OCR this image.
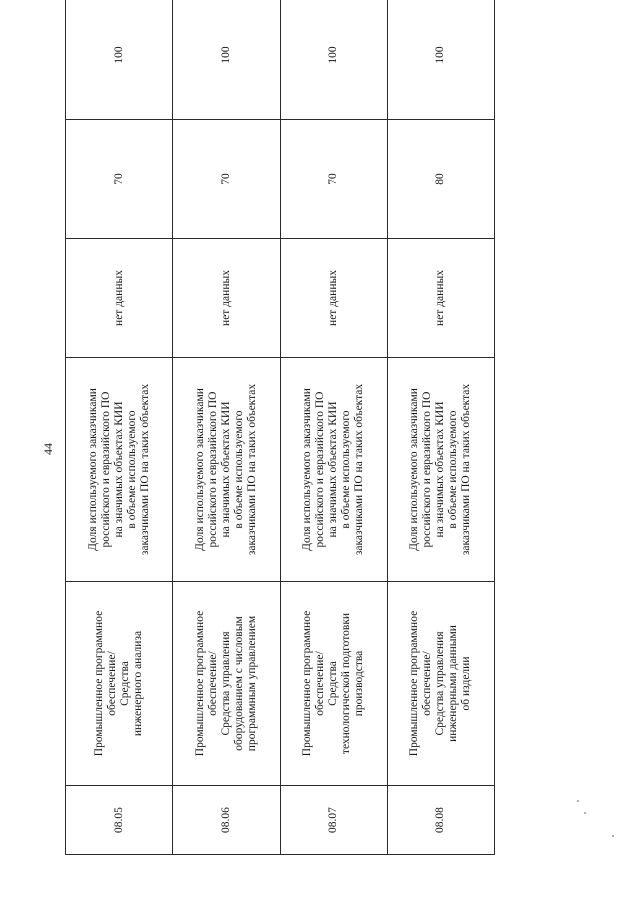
44
08.05	Промышленное программное
обеспечение/
Средства
инженерного анализа	Доля используемого заказчиками
российского и евразийского ПО
на значимых объектах КИИ
в объеме используемого
заказчиками ПО на таких объектах	нет данных	70	100
08.06	Промышленное программное
обеспечение/
Средства управления
оборудованием с числовым
программным управлением	Доля используемого заказчиками
российского и евразийского ПО
на значимых объектах КИИ
в объеме используемого
заказчиками ПО на таких объектах	нет данных	70	100
08.07	Промышленное программное
обеспечение/
Средства
технологической подготовки
производства	Доля используемого заказчиками
российского и евразийского ПО
на значимых объектах КИИ
в объеме используемого
заказчиками ПО на таких объектах	нет данных	70	100
08.08	Промышленное программное
обеспечение/
Средства управления
инженерными данными
об изделии	Доля используемого заказчиками
российского и евразийского ПО
на значимых объектах КИИ
в объеме используемого
заказчиками ПО на таких объектах	нет данных	80	100
